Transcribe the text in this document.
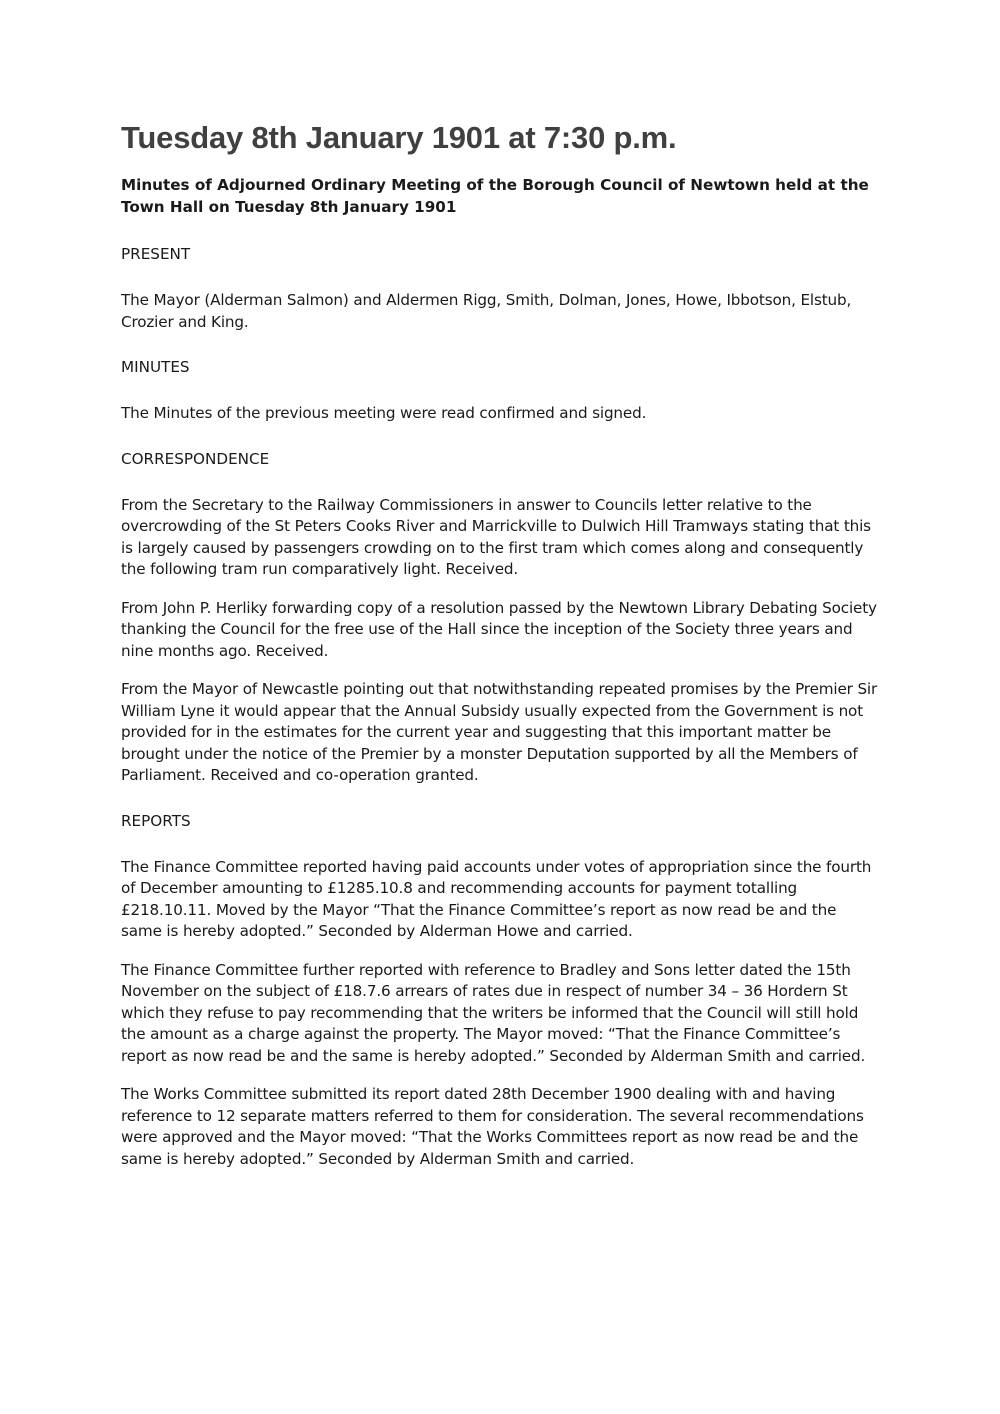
Tuesday 8th January 1901 at 7:30 p.m.
Minutes of Adjourned Ordinary Meeting of the Borough Council of Newtown held at the Town Hall on Tuesday 8th January 1901
PRESENT

The Mayor (Alderman Salmon) and Aldermen Rigg, Smith, Dolman, Jones, Howe, Ibbotson, Elstub, Crozier and King.

MINUTES

The Minutes of the previous meeting were read confirmed and signed.

CORRESPONDENCE

From the Secretary to the Railway Commissioners in answer to Councils letter relative to the overcrowding of the St Peters Cooks River and Marrickville to Dulwich Hill Tramways stating that this is largely caused by passengers crowding on to the first tram which comes along and consequently the following tram run comparatively light. Received.

From John P. Herliky forwarding copy of a resolution passed by the Newtown Library Debating Society thanking the Council for the free use of the Hall since the inception of the Society three years and nine months ago. Received.

From the Mayor of Newcastle pointing out that notwithstanding repeated promises by the Premier Sir William Lyne it would appear that the Annual Subsidy usually expected from the Government is not provided for in the estimates for the current year and suggesting that this important matter be brought under the notice of the Premier by a monster Deputation supported by all the Members of Parliament. Received and co-operation granted.

REPORTS

The Finance Committee reported having paid accounts under votes of appropriation since the fourth of December amounting to £1285.10.8 and recommending accounts for payment totalling £218.10.11. Moved by the Mayor “That the Finance Committee’s report as now read be and the same is hereby adopted.” Seconded by Alderman Howe and carried.

The Finance Committee further reported with reference to Bradley and Sons letter dated the 15th November on the subject of £18.7.6 arrears of rates due in respect of number 34 – 36 Hordern St which they refuse to pay recommending that the writers be informed that the Council will still hold the amount as a charge against the property. The Mayor moved: “That the Finance Committee’s report as now read be and the same is hereby adopted.” Seconded by Alderman Smith and carried.

The Works Committee submitted its report dated 28th December 1900 dealing with and having reference to 12 separate matters referred to them for consideration. The several recommendations were approved and the Mayor moved: “That the Works Committees report as now read be and the same is hereby adopted.” Seconded by Alderman Smith and carried.
